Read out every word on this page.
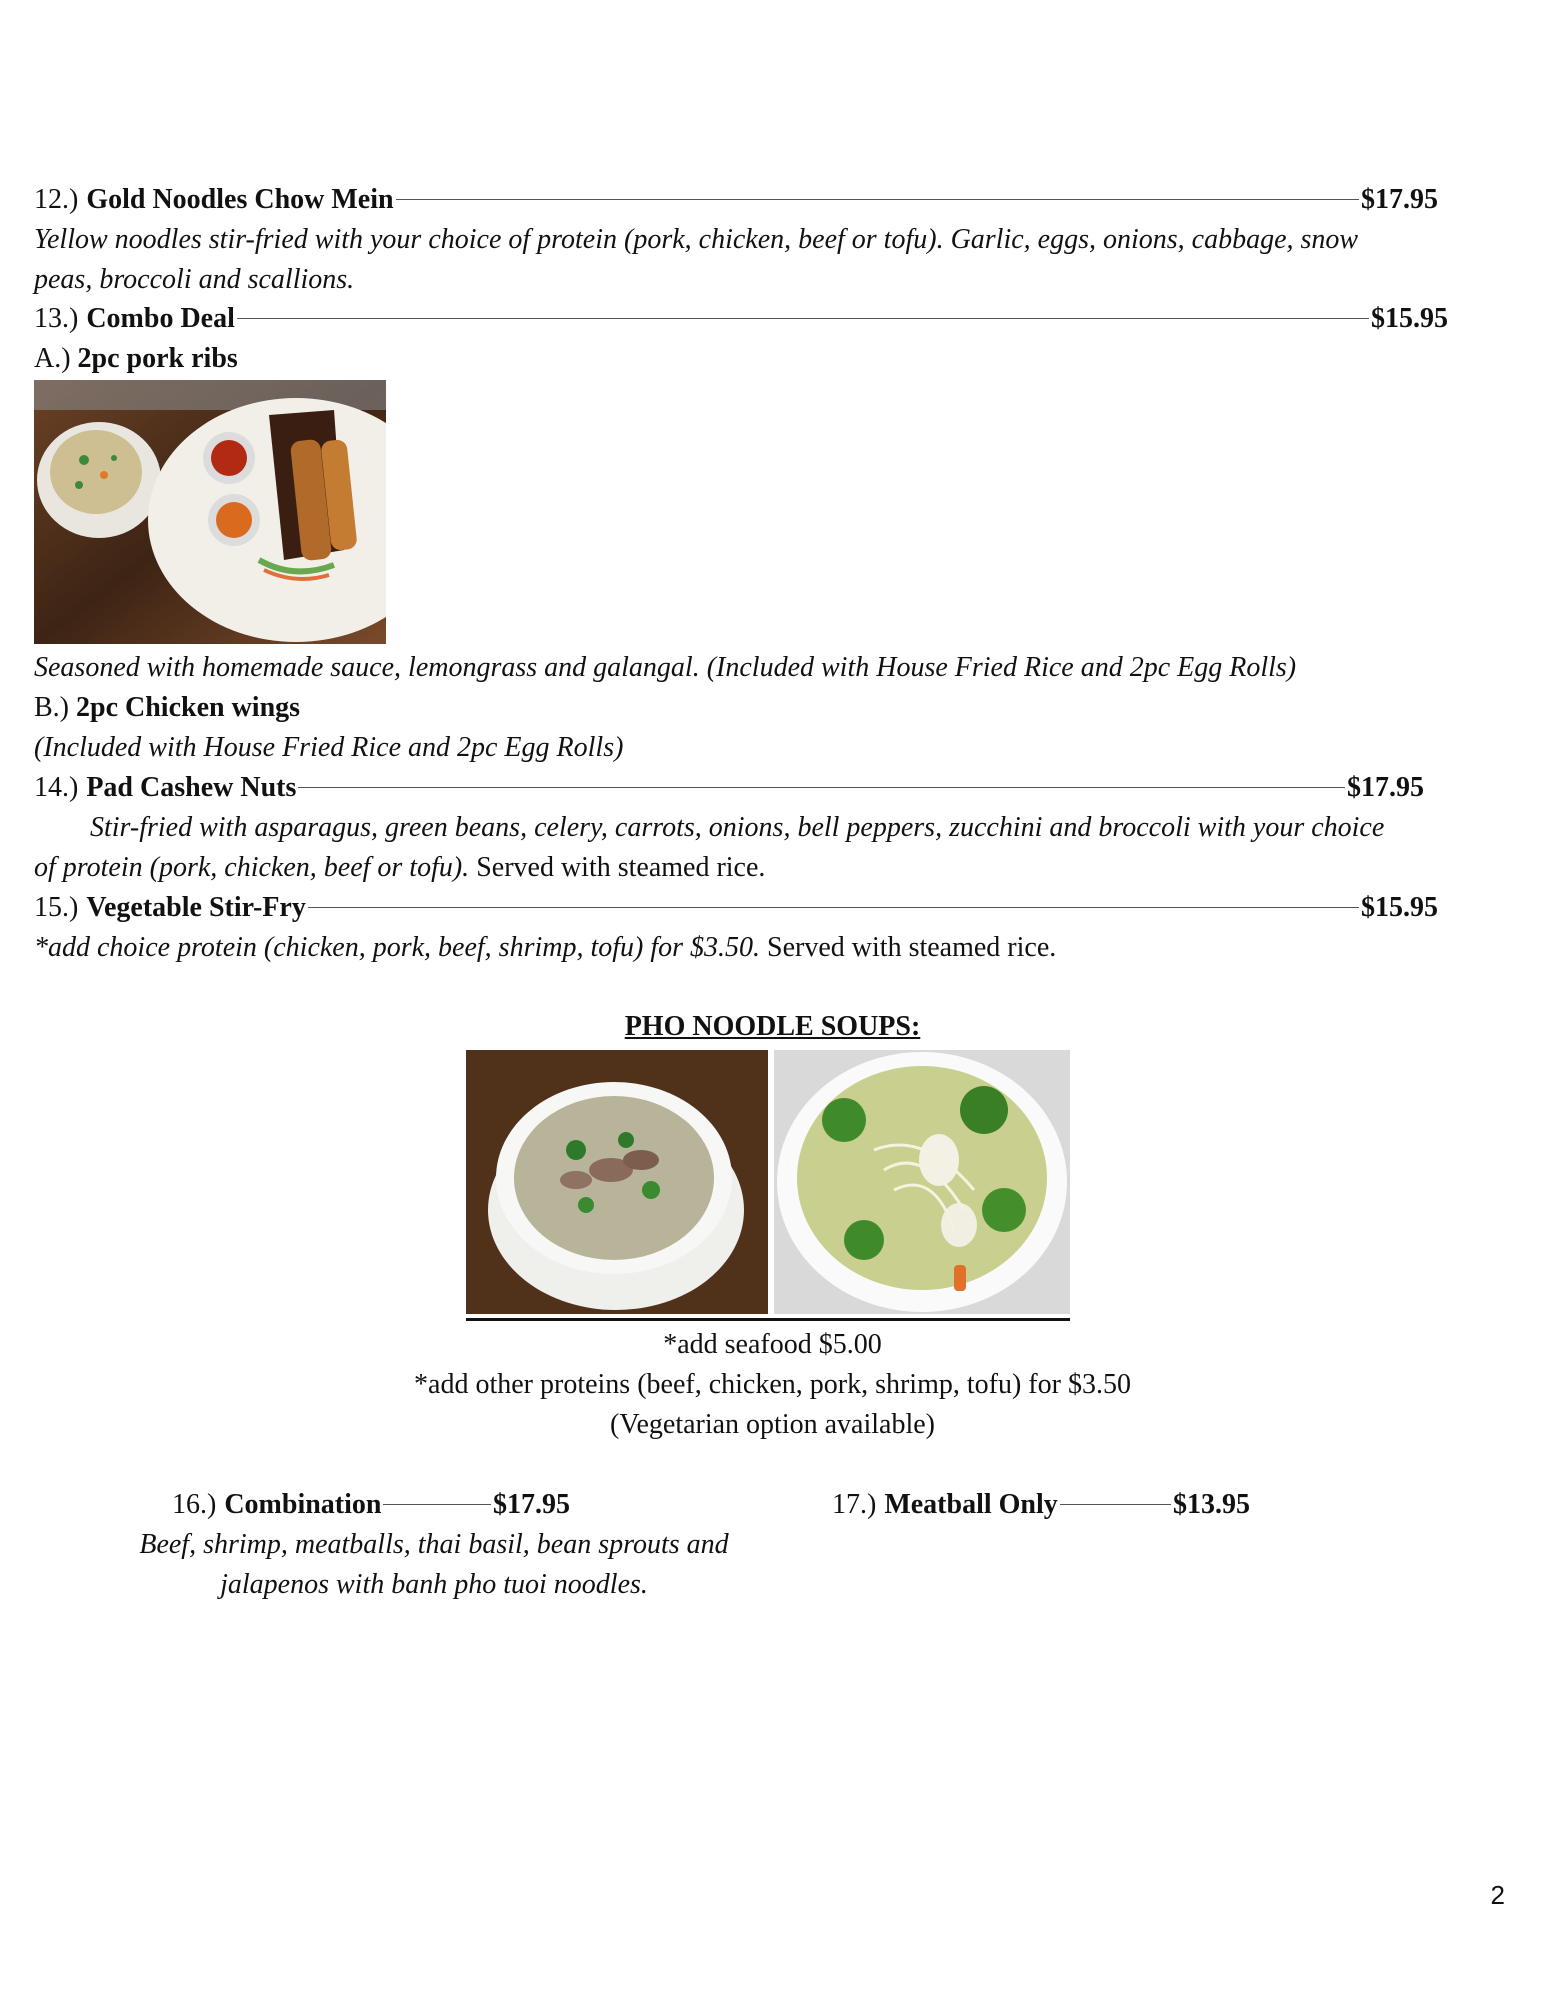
12.) Gold Noodles Chow Mein	$17.95
Yellow noodles stir-fried with your choice of protein (pork, chicken, beef or tofu). Garlic, eggs, onions, cabbage, snow
peas, broccoli and scallions.
13.) Combo Deal	$15.95
A.) 2pc pork ribs
Seasoned with homemade sauce, lemongrass and galangal. (Included with House Fried Rice and 2pc Egg Rolls)
B.) 2pc Chicken wings
(Included with House Fried Rice and 2pc Egg Rolls)
14.) Pad Cashew Nuts	$17.95
Stir-fried with asparagus, green beans, celery, carrots, onions, bell peppers, zucchini and broccoli with your choice
of protein (pork, chicken, beef or tofu). Served with steamed rice.
15.) Vegetable Stir-Fry	$15.95
*add choice protein (chicken, pork, beef, shrimp, tofu) for $3.50. Served with steamed rice.
PHO NOODLE SOUPS:
*add seafood $5.00
*add other proteins (beef, chicken, pork, shrimp, tofu) for $3.50
(Vegetarian option available)
16.) Combination	$17.95
Beef, shrimp, meatballs, thai basil, bean sprouts and
jalapenos with banh pho tuoi noodles.
17.) Meatball Only	$13.95
2
